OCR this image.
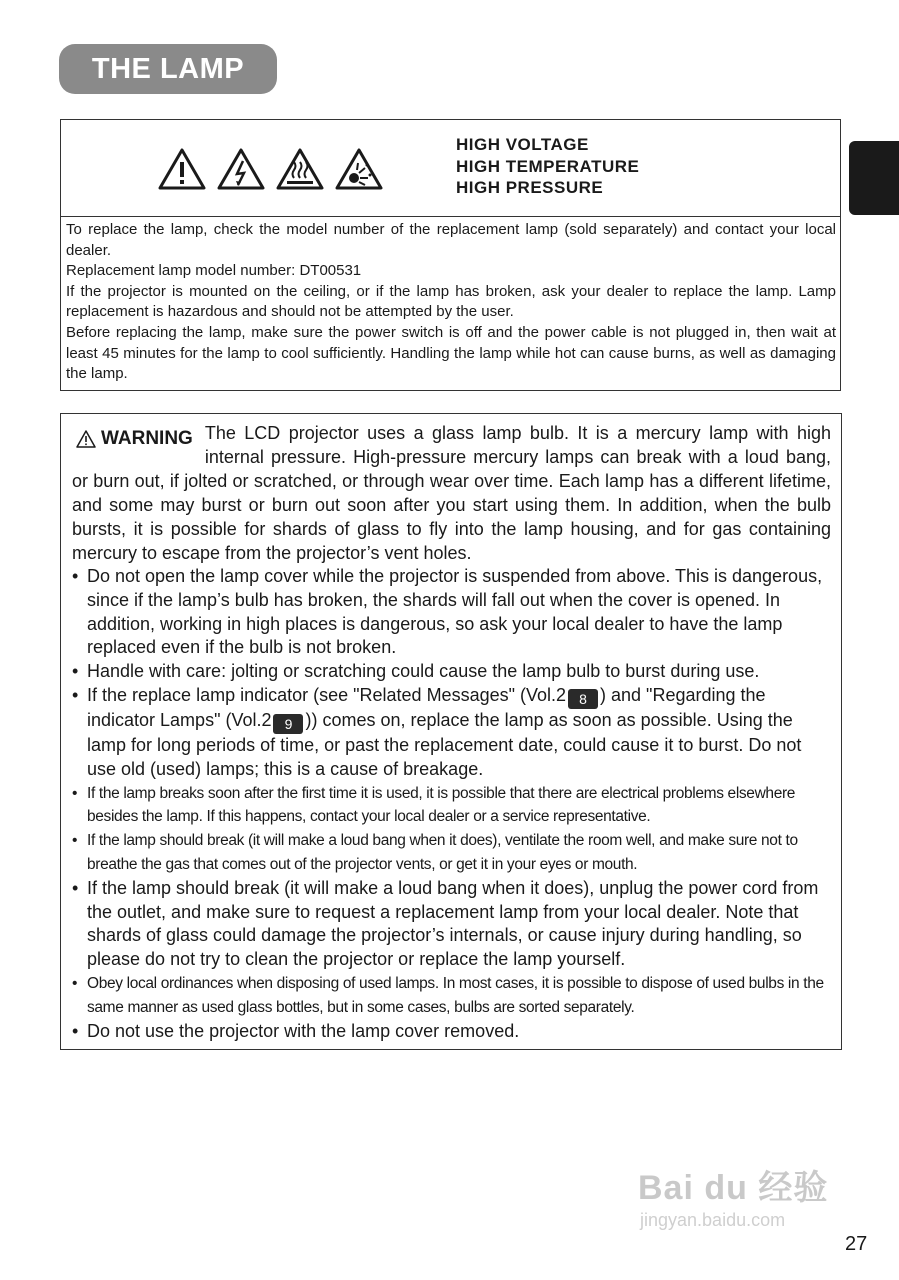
THE LAMP
HIGH VOLTAGE
HIGH TEMPERATURE
HIGH PRESSURE

To replace the lamp, check the model number of the replacement lamp (sold separately) and contact your local dealer.

Replacement lamp model number: DT00531

If the projector is mounted on the ceiling, or if the lamp has broken, ask your dealer to replace the lamp. Lamp replacement is hazardous and should not be attempted by the user.

Before replacing the lamp, make sure the power switch is off and the power cable is not plugged in, then wait at least 45 minutes for the lamp to cool sufficiently. Handling the lamp while hot can cause burns, as well as damaging the lamp.

WARNING The LCD projector uses a glass lamp bulb. It is a mercury lamp with high internal pressure. High-pressure mercury lamps can break with a loud bang, or burn out, if jolted or scratched, or through wear over time. Each lamp has a different lifetime, and some may burst or burn out soon after you start using them. In addition, when the bulb bursts, it is possible for shards of glass to fly into the lamp housing, and for gas containing mercury to escape from the projector’s vent holes.

• Do not open the lamp cover while the projector is suspended from above. This is dangerous, since if the lamp’s bulb has broken, the shards will fall out when the cover is opened. In addition, working in high places is dangerous, so ask your local dealer to have the lamp replaced even if the bulb is not broken.
• Handle with care: jolting or scratching could cause the lamp bulb to burst during use.
• If the replace lamp indicator (see "Related Messages" (Vol.2 8 ) and "Regarding the indicator Lamps" (Vol.2 9 )) comes on, replace the lamp as soon as possible. Using the lamp for long periods of time, or past the replacement date, could cause it to burst. Do not use old (used) lamps; this is a cause of breakage.
• If the lamp breaks soon after the first time it is used, it is possible that there are electrical problems elsewhere besides the lamp. If this happens, contact your local dealer or a service representative.
• If the lamp should break (it will make a loud bang when it does), ventilate the room well, and make sure not to breathe the gas that comes out of the projector vents, or get it in your eyes or mouth.
• If the lamp should break (it will make a loud bang when it does), unplug the power cord from the outlet, and make sure to request a replacement lamp from your local dealer. Note that shards of glass could damage the projector’s internals, or cause injury during handling, so please do not try to clean the projector or replace the lamp yourself.
• Obey local ordinances when disposing of used lamps. In most cases, it is possible to dispose of used bulbs in the same manner as used glass bottles, but in some cases, bulbs are sorted separately.
• Do not use the projector with the lamp cover removed.
Bai du 经验
jingyan.baidu.com
27
